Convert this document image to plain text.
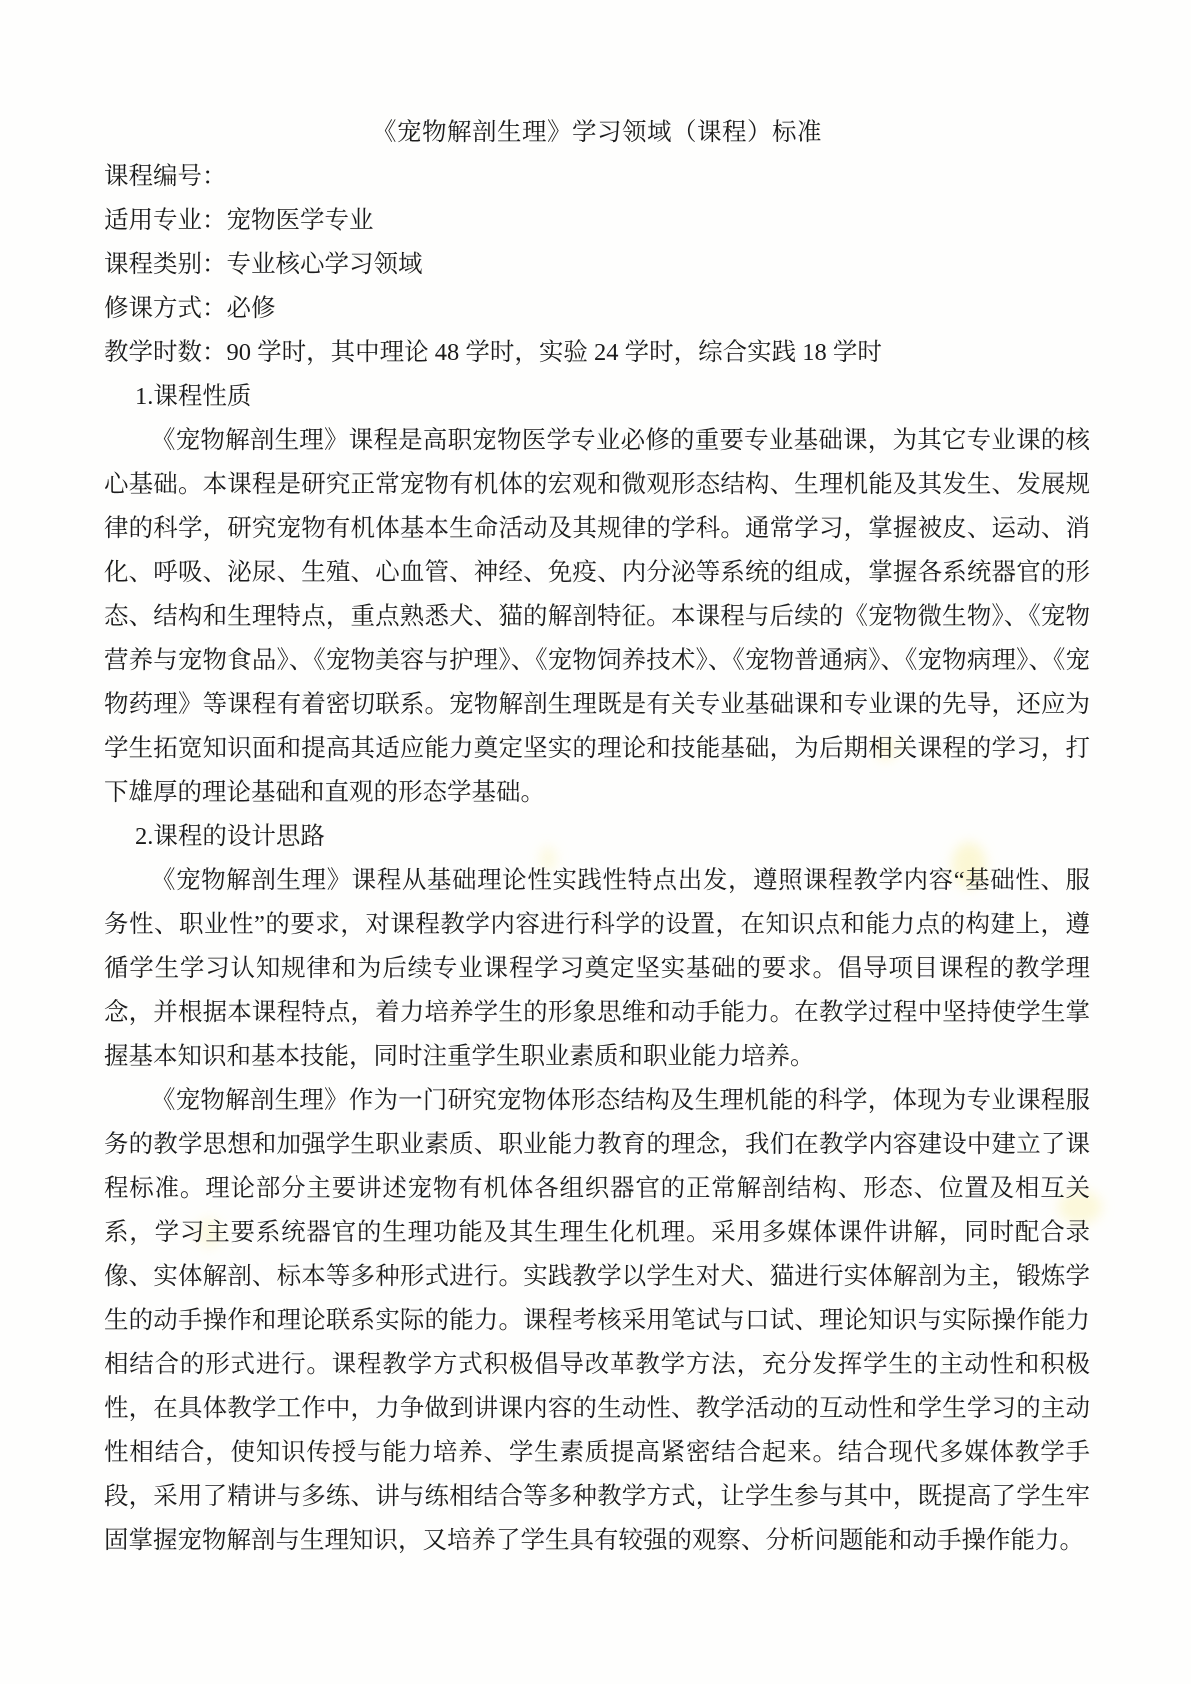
《宠物解剖生理》学习领域（课程）标准
课程编号：
适用专业：宠物医学专业
课程类别：专业核心学习领域
修课方式：必修
教学时数：90 学时，其中理论 48 学时，实验 24 学时，综合实践 18 学时
1.课程性质

《宠物解剖生理》课程是高职宠物医学专业必修的重要专业基础课，为其它专业课的核心基础。本课程是研究正常宠物有机体的宏观和微观形态结构、生理机能及其发生、发展规律的科学，研究宠物有机体基本生命活动及其规律的学科。通常学习，掌握被皮、运动、消化、呼吸、泌尿、生殖、心血管、神经、免疫、内分泌等系统的组成，掌握各系统器官的形态、结构和生理特点，重点熟悉犬、猫的解剖特征。本课程与后续的《宠物微生物》、《宠物营养与宠物食品》、《宠物美容与护理》、《宠物饲养技术》、《宠物普通病》、《宠物病理》、《宠物药理》等课程有着密切联系。宠物解剖生理既是有关专业基础课和专业课的先导，还应为学生拓宽知识面和提高其适应能力奠定坚实的理论和技能基础，为后期相关课程的学习，打下雄厚的理论基础和直观的形态学基础。

2.课程的设计思路

《宠物解剖生理》课程从基础理论性实践性特点出发，遵照课程教学内容“基础性、服务性、职业性”的要求，对课程教学内容进行科学的设置，在知识点和能力点的构建上，遵循学生学习认知规律和为后续专业课程学习奠定坚实基础的要求。倡导项目课程的教学理念，并根据本课程特点，着力培养学生的形象思维和动手能力。在教学过程中坚持使学生掌握基本知识和基本技能，同时注重学生职业素质和职业能力培养。

《宠物解剖生理》作为一门研究宠物体形态结构及生理机能的科学，体现为专业课程服务的教学思想和加强学生职业素质、职业能力教育的理念，我们在教学内容建设中建立了课程标准。理论部分主要讲述宠物有机体各组织器官的正常解剖结构、形态、位置及相互关系，学习主要系统器官的生理功能及其生理生化机理。采用多媒体课件讲解，同时配合录像、实体解剖、标本等多种形式进行。实践教学以学生对犬、猫进行实体解剖为主，锻炼学生的动手操作和理论联系实际的能力。课程考核采用笔试与口试、理论知识与实际操作能力相结合的形式进行。课程教学方式积极倡导改革教学方法，充分发挥学生的主动性和积极性，在具体教学工作中，力争做到讲课内容的生动性、教学活动的互动性和学生学习的主动性相结合，使知识传授与能力培养、学生素质提高紧密结合起来。结合现代多媒体教学手段，采用了精讲与多练、讲与练相结合等多种教学方式，让学生参与其中，既提高了学生牢固掌握宠物解剖与生理知识，又培养了学生具有较强的观察、分析问题能和动手操作能力。
